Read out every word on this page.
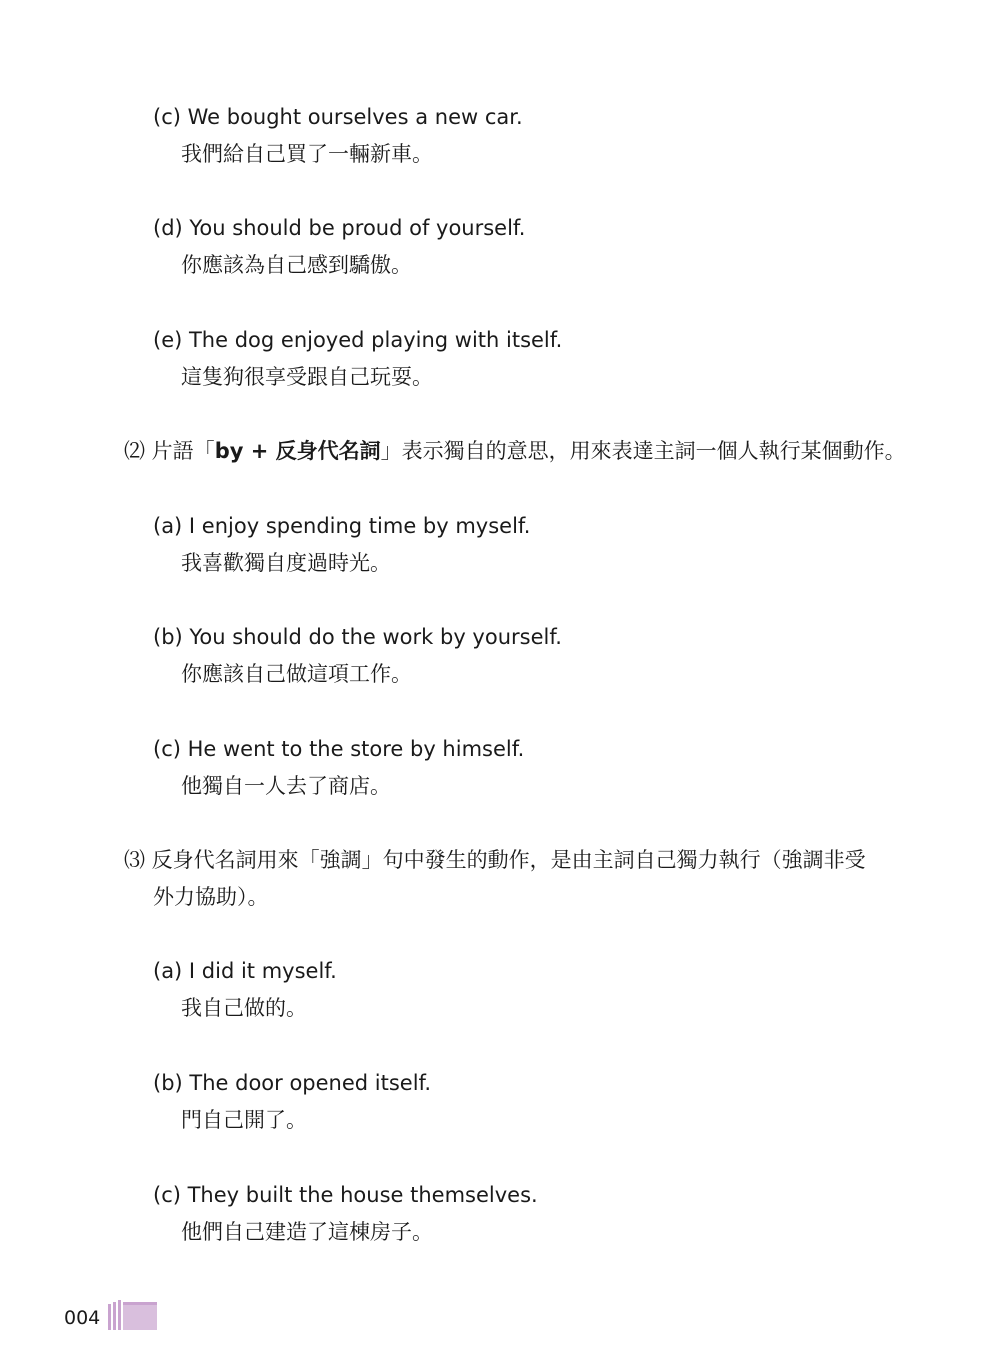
(c) We bought ourselves a new car.
我們給自己買了一輛新車。
(d) You should be proud of yourself.
你應該為自己感到驕傲。
(e) The dog enjoyed playing with itself.
這隻狗很享受跟自己玩耍。
⑵ 片語「by + 反身代名詞」表示獨自的意思，用來表達主詞一個人執行某個動作。
(a) I enjoy spending time by myself.
我喜歡獨自度過時光。
(b) You should do the work by yourself.
你應該自己做這項工作。
(c) He went to the store by himself.
他獨自一人去了商店。
⑶ 反身代名詞用來「強調」句中發生的動作，是由主詞自己獨力執行（強調非受
外力協助）。
(a) I did it myself.
我自己做的。
(b) The door opened itself.
門自己開了。
(c) They built the house themselves.
他們自己建造了這棟房子。
004
